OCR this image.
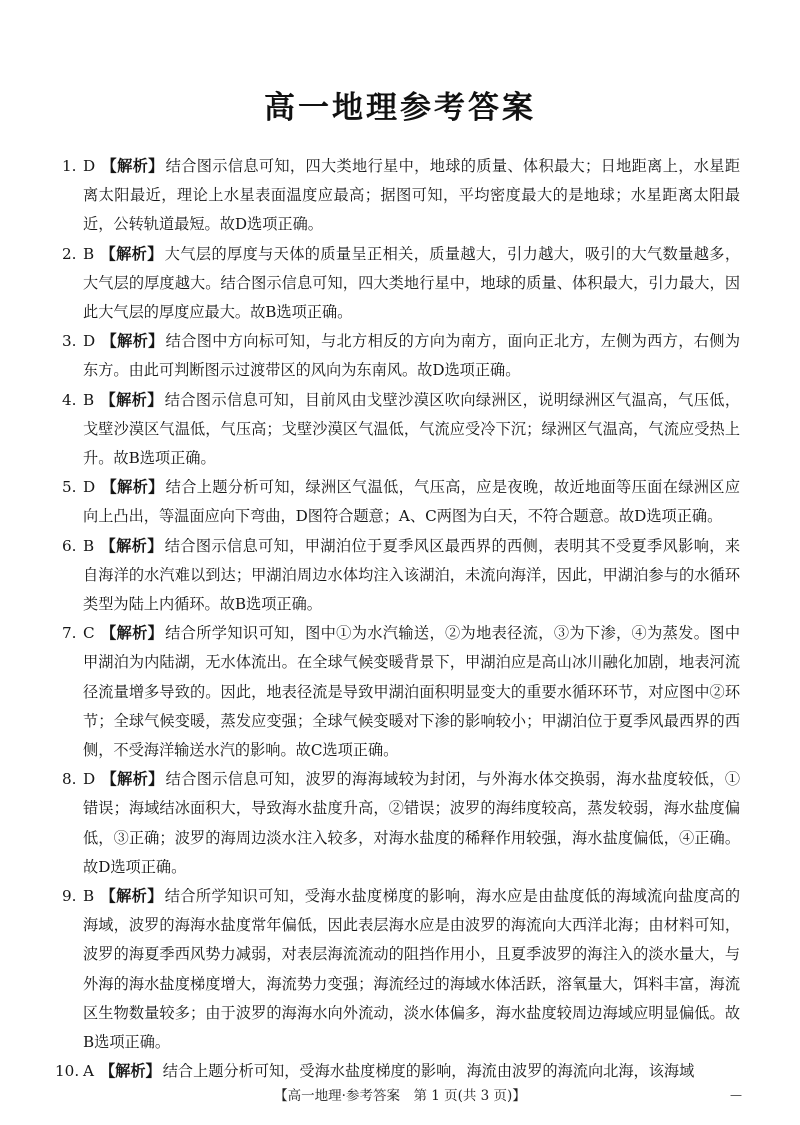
高一地理参考答案

1. D 【解析】 结合图示信息可知，四大类地行星中，地球的质量、体积最大；日地距离上，水星距离太阳最近，理论上水星表面温度应最高；据图可知，平均密度最大的是地球；水星距离太阳最近，公转轨道最短。故D选项正确。

2. B 【解析】 大气层的厚度与天体的质量呈正相关，质量越大，引力越大，吸引的大气数量越多，大气层的厚度越大。结合图示信息可知，四大类地行星中，地球的质量、体积最大，引力最大，因此大气层的厚度应最大。故B选项正确。

3. D 【解析】 结合图中方向标可知，与北方相反的方向为南方，面向正北方，左侧为西方，右侧为东方。由此可判断图示过渡带区的风向为东南风。故D选项正确。

4. B 【解析】 结合图示信息可知，目前风由戈壁沙漠区吹向绿洲区，说明绿洲区气温高，气压低，戈壁沙漠区气温低，气压高；戈壁沙漠区气温低，气流应受冷下沉；绿洲区气温高，气流应受热上升。故B选项正确。

5. D 【解析】 结合上题分析可知，绿洲区气温低，气压高，应是夜晚，故近地面等压面在绿洲区应向上凸出，等温面应向下弯曲，D图符合题意；A、C两图为白天，不符合题意。故D选项正确。

6. B 【解析】 结合图示信息可知，甲湖泊位于夏季风区最西界的西侧，表明其不受夏季风影响，来自海洋的水汽难以到达；甲湖泊周边水体均注入该湖泊，未流向海洋，因此，甲湖泊参与的水循环类型为陆上内循环。故B选项正确。

7. C 【解析】 结合所学知识可知，图中①为水汽输送，②为地表径流，③为下渗，④为蒸发。图中甲湖泊为内陆湖，无水体流出。在全球气候变暖背景下，甲湖泊应是高山冰川融化加剧，地表河流径流量增多导致的。因此，地表径流是导致甲湖泊面积明显变大的重要水循环环节，对应图中②环节；全球气候变暖，蒸发应变强；全球气候变暖对下渗的影响较小；甲湖泊位于夏季风最西界的西侧，不受海洋输送水汽的影响。故C选项正确。

8. D 【解析】 结合图示信息可知，波罗的海海域较为封闭，与外海水体交换弱，海水盐度较低，①错误；海域结冰面积大，导致海水盐度升高，②错误；波罗的海纬度较高，蒸发较弱，海水盐度偏低，③正确；波罗的海周边淡水注入较多，对海水盐度的稀释作用较强，海水盐度偏低，④正确。故D选项正确。

9. B 【解析】 结合所学知识可知，受海水盐度梯度的影响，海水应是由盐度低的海域流向盐度高的海域，波罗的海海水盐度常年偏低，因此表层海水应是由波罗的海流向大西洋北海；由材料可知，波罗的海夏季西风势力减弱，对表层海流流动的阻挡作用小，且夏季波罗的海注入的淡水量大，与外海的海水盐度梯度增大，海流势力变强；海流经过的海域水体活跃，溶氧量大，饵料丰富，海流区生物数量较多；由于波罗的海海水向外流动，淡水体偏多，海水盐度较周边海域应明显偏低。故B选项正确。

10. A 【解析】 结合上题分析可知，受海水盐度梯度的影响，海流由波罗的海流向北海，该海域

【高一地理·参考答案　第 1 页(共 3 页)】	—
